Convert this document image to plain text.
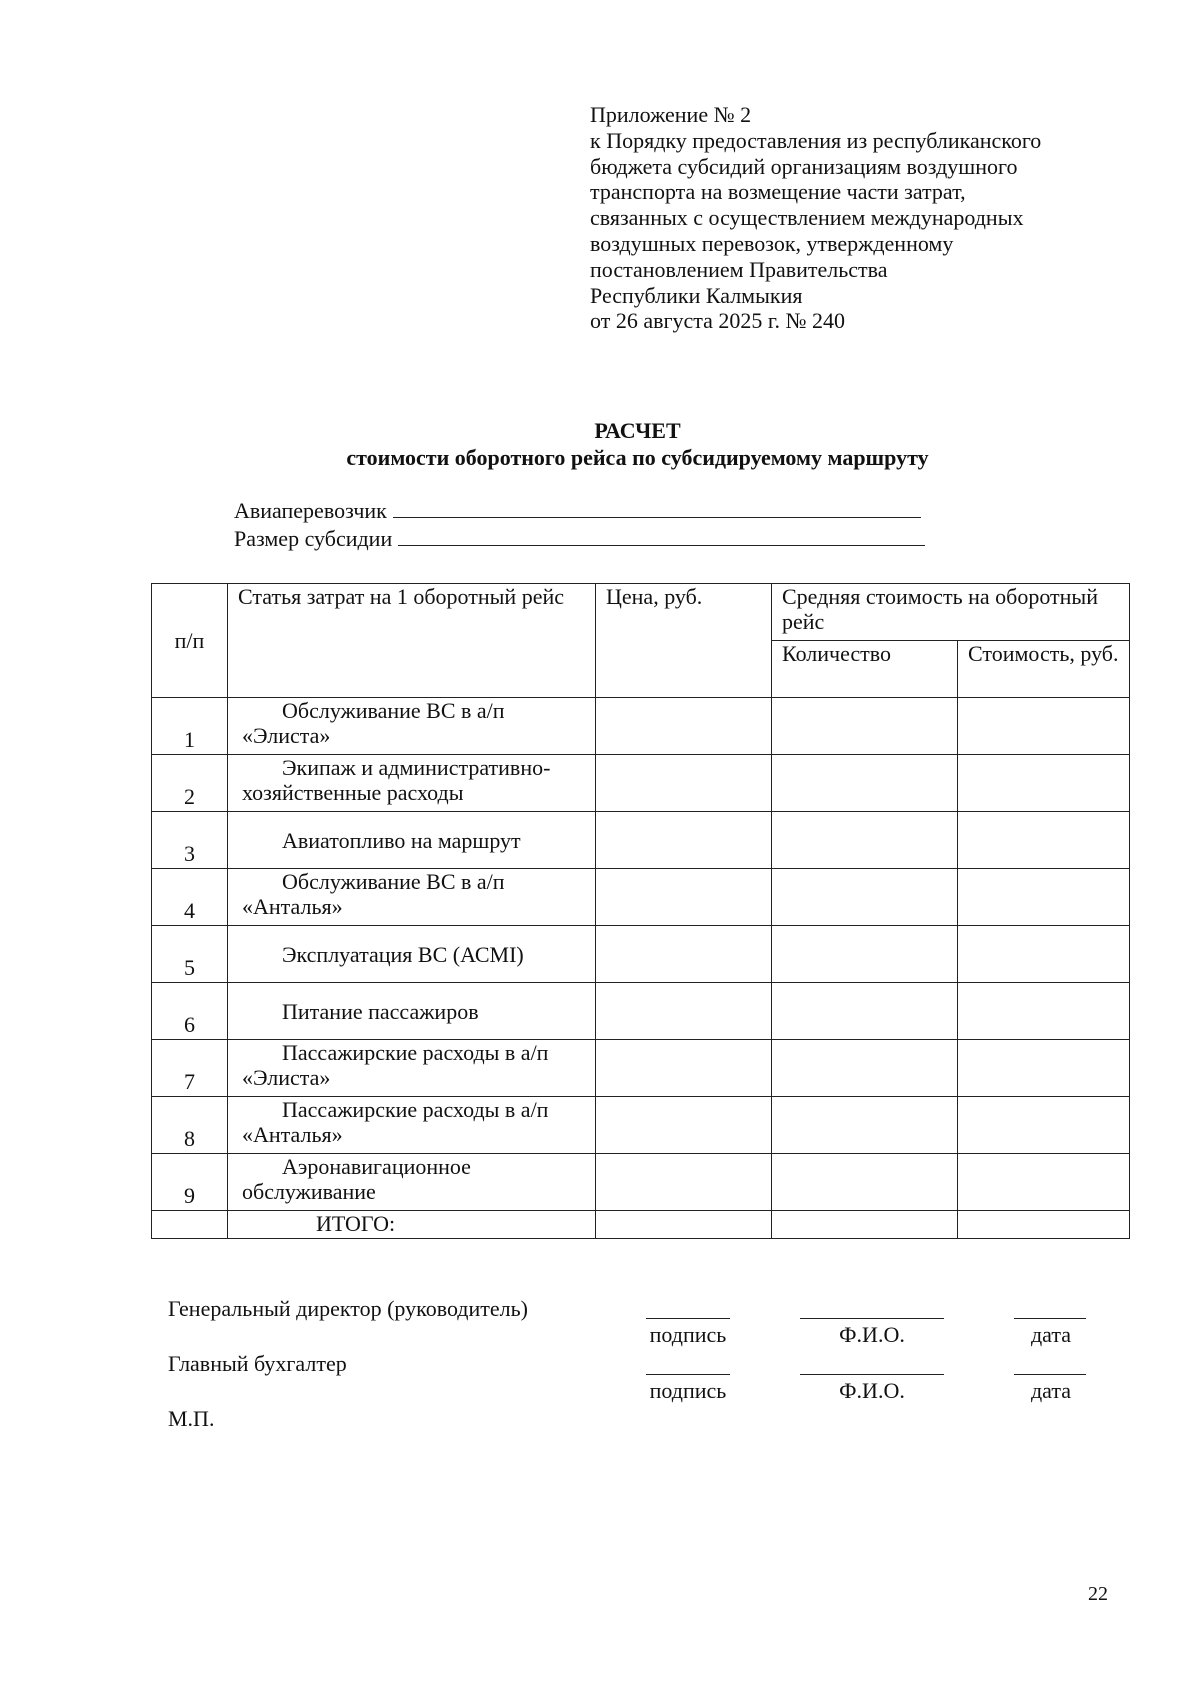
Приложение № 2
к Порядку предоставления из республиканского
бюджета субсидий организациям воздушного
транспорта на возмещение части затрат,
связанных с осуществлением международных
воздушных перевозок, утвержденному
постановлением Правительства
Республики Калмыкия
от 26 августа 2025 г. № 240
РАСЧЕТ
стоимости оборотного рейса по субсидируемому маршруту
Авиаперевозчик
Размер субсидии
п/п	Статья затрат на 1 оборотный рейс	Цена, руб.	Средняя стоимость на оборотный рейс	
			Количество	Стоимость, руб.
1	Обслуживание ВС в а/п
«Элиста»			
2	Экипаж и административно-
хозяйственные расходы			
3	Авиатопливо на маршрут			

4	Обслуживание ВС в а/п
«Анталья»			
5	Эксплуатация ВС (АСМI)			

6	Питание пассажиров			

7	Пассажирские расходы в а/п
«Элиста»			
8	Пассажирские расходы в а/п
«Анталья»			
9	Аэронавигационное
обслуживание			
	ИТОГО:			
Генеральный директор (руководитель)
Главный бухгалтер
М.П.
подпись	Ф.И.О.	дата
подпись	Ф.И.О.	дата
22
